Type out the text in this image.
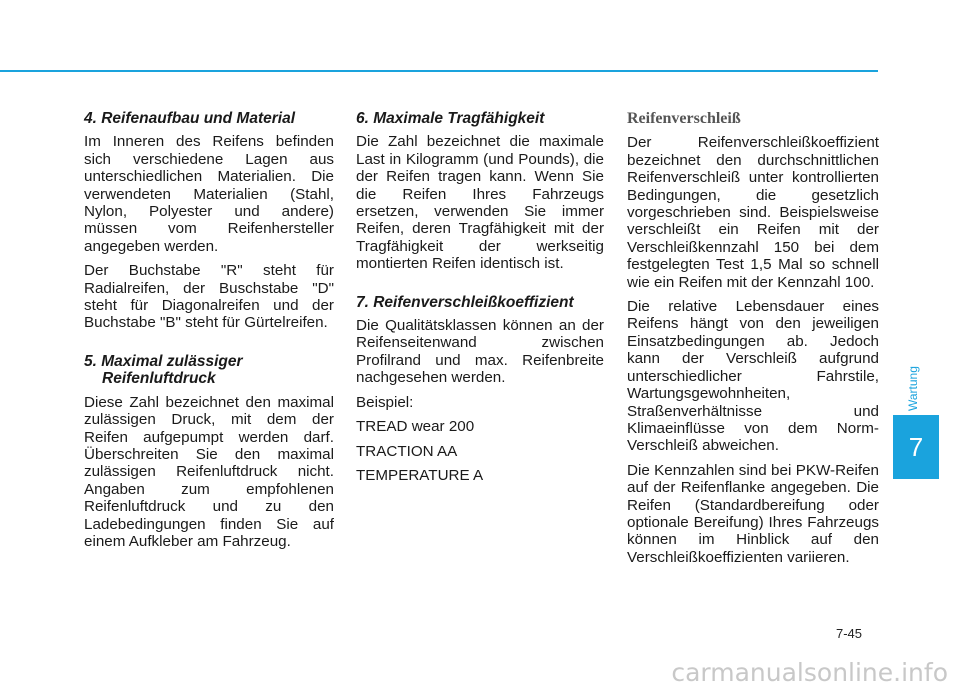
4. Reifenaufbau und Material
Im Inneren des Reifens befinden sich verschiedene Lagen aus unterschiedlichen Materialien. Die verwendeten Materialien (Stahl, Nylon, Polyester und andere) müssen vom Reifenhersteller angegeben werden.
Der Buchstabe "R" steht für Radialreifen, der Buschstabe "D" steht für Diagonalreifen und der Buchstabe "B" steht für Gürtelreifen.
5. Maximal zulässiger Reifenluftdruck
Diese Zahl bezeichnet den maximal zulässigen Druck, mit dem der Reifen aufgepumpt werden darf. Überschreiten Sie den maximal zulässigen Reifenluftdruck nicht. Angaben zum empfohlenen Reifenluftdruck und zu den Ladebedingungen finden Sie auf einem Aufkleber am Fahrzeug.
6. Maximale Tragfähigkeit
Die Zahl bezeichnet die maximale Last in Kilogramm (und Pounds), die der Reifen tragen kann. Wenn Sie die Reifen Ihres Fahrzeugs ersetzen, verwenden Sie immer Reifen, deren Tragfähigkeit mit der Tragfähigkeit der werkseitig montierten Reifen identisch ist.
7. Reifenverschleißkoeffizient
Die Qualitätsklassen können an der Reifenseitenwand zwischen Profilrand und max. Reifenbreite nachgesehen werden.
Beispiel:
TREAD wear 200
TRACTION AA
TEMPERATURE A
Reifenverschleiß
Der Reifenverschleißkoeffizient bezeichnet den durchschnittlichen Reifenverschleiß unter kontrollierten Bedingungen, die gesetzlich vorgeschrieben sind. Beispielsweise verschleißt ein Reifen mit der Verschleißkennzahl 150 bei dem festgelegten Test 1,5 Mal so schnell wie ein Reifen mit der Kennzahl 100.
Die relative Lebensdauer eines Reifens hängt von den jeweiligen Einsatzbedingungen ab. Jedoch kann der Verschleiß aufgrund unterschiedlicher Fahrstile, Wartungsgewohnheiten, Straßenverhältnisse und Klimaeinflüsse von dem Norm-Verschleiß abweichen.
Die Kennzahlen sind bei PKW-Reifen auf der Reifenflanke angegeben. Die Reifen (Standardbereifung oder optionale Bereifung) Ihres Fahrzeugs können im Hinblick auf den Verschleißkoeffizienten variieren.
Wartung
7
7-45
carmanualsonline.info
